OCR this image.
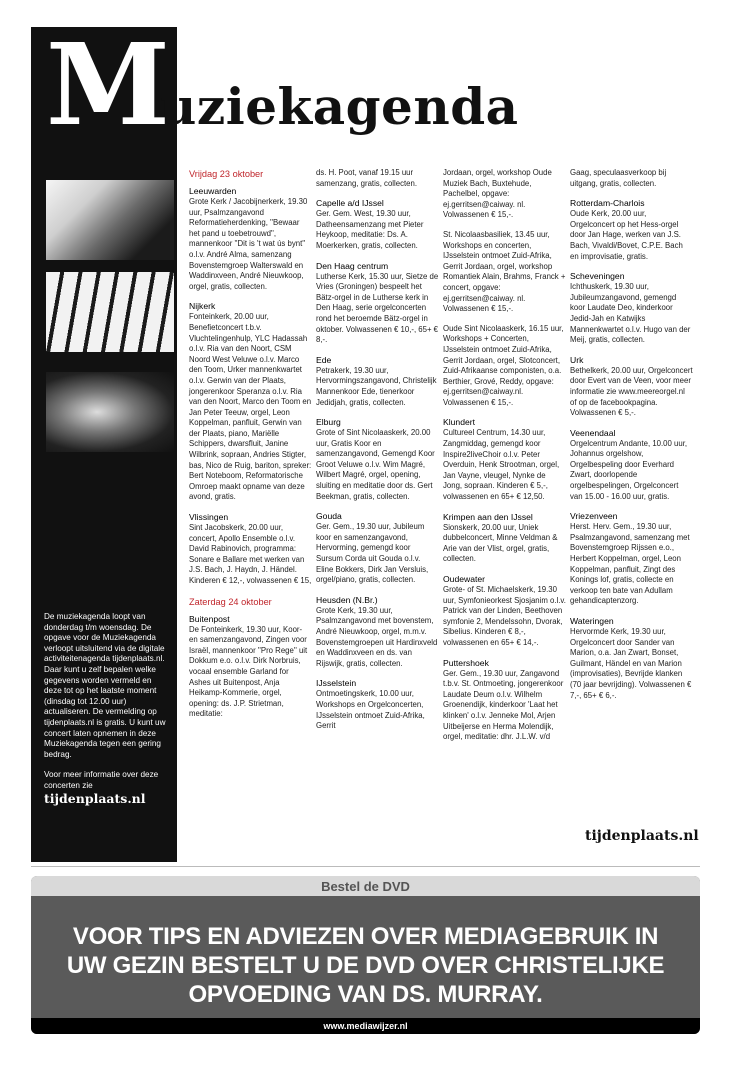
M
uziekagenda

De muziekagenda loopt van donderdag t/m woensdag. De opgave voor de Muziekagenda verloopt uitsluitend via de digitale activiteitenagenda tijdenplaats.nl. Daar kunt u zelf bepalen welke gegevens worden vermeld en deze tot op het laatste moment (dinsdag tot 12.00 uur) actualiseren. De vermelding op tijdenplaats.nl is gratis. U kunt uw concert laten opnemen in deze Muziekagenda tegen een gering bedrag.

Voor meer informatie over deze concerten zie

tijdenplaats.nl
Vrijdag 23 oktober
Leeuwarden

Grote Kerk / Jacobijnerkerk, 19.30 uur, Psalmzangavond Reformatieherdenking, ''Bewaar het pand u toebetrouwd'', mannenkoor ''Dit is 't wat ús bynt'' o.l.v. André Alma, samenzang Bovenstemgroep Walterswald en Waddinxveen, André Nieuwkoop, orgel, gratis, collecten.

Nijkerk

Fonteinkerk, 20.00 uur, Benefietconcert t.b.v. Vluchtelingenhulp, YLC Hadassah o.l.v. Ria van den Noort, CSM Noord West Veluwe o.l.v. Marco den Toom, Urker mannenkwartet o.l.v. Gerwin van der Plaats, jongerenkoor Speranza o.l.v. Ria van den Noort, Marco den Toom en Jan Peter Teeuw, orgel, Leon Koppelman, panfluit, Gerwin van der Plaats, piano, Mariëlle Schippers, dwarsfluit, Janine Wilbrink, sopraan, Andries Stigter, bas, Nico de Ruig, bariton, spreker: Bert Noteboom, Reformatorische Omroep maakt opname van deze avond, gratis.

Vlissingen

Sint Jacobskerk, 20.00 uur, concert, Apollo Ensemble o.l.v. David Rabinovich, programma: Sonare e Ballare met werken van J.S. Bach, J. Haydn, J. Händel. Kinderen € 12,-, volwassenen € 15,

Zaterdag 24 oktober
Buitenpost

De Fonteinkerk, 19.30 uur, Koor- en samenzangavond, Zingen voor Israël, mannenkoor ''Pro Rege'' uit Dokkum e.o. o.l.v. Dirk Norbruis, vocaal ensemble Garland for Ashes uit Buitenpost, Anja Heikamp-Kommerie, orgel, opening: ds. J.P. Strietman, meditatie:

ds. H. Poot, vanaf 19.15 uur samenzang, gratis, collecten.

Capelle a/d IJssel

Ger. Gem. West, 19.30 uur, Datheensamenzang met Pieter Heykoop, meditatie: Ds. A. Moerkerken, gratis, collecten.

Den Haag centrum

Lutherse Kerk, 15.30 uur, Sietze de Vries (Groningen) bespeelt het Bätz-orgel in de Lutherse kerk in Den Haag, serie orgelconcerten rond het beroemde Bätz-orgel in oktober. Volwassenen € 10,-, 65+ € 8,-.

Ede

Petrakerk, 19.30 uur, Hervormingszangavond, Christelijk Mannenkoor Ede, tienerkoor Jedidjah, gratis, collecten.

Elburg

Grote of Sint Nicolaaskerk, 20.00 uur, Gratis Koor en samenzangavond, Gemengd Koor Groot Veluwe o.l.v. Wim Magré, Wilbert Magré, orgel, opening, sluiting en meditatie door ds. Gert Beekman, gratis, collecten.

Gouda

Ger. Gem., 19.30 uur, Jubileum koor en samenzangavond, Hervorming, gemengd koor Sursum Corda uit Gouda o.l.v. Eline Bokkers, Dirk Jan Versluis, orgel/piano, gratis, collecten.

Heusden (N.Br.)

Grote Kerk, 19.30 uur, Psalmzangavond met bovenstem, André Nieuwkoop, orgel, m.m.v. Bovenstemgroepen uit Hardinxveld en Waddinxveen en ds. van Rijswijk, gratis, collecten.

IJsselstein

Ontmoetingskerk, 10.00 uur, Workshops en Orgelconcerten, IJsselstein ontmoet Zuid-Afrika, Gerrit

Jordaan, orgel, workshop Oude Muziek Bach, Buxtehude, Pachelbel, opgave: ej.gerritsen@caiway. nl. Volwassenen € 15,-.

St. Nicolaasbasiliek, 13.45 uur, Workshops en concerten, IJsselstein ontmoet Zuid-Afrika, Gerrit Jordaan, orgel, workshop Romantiek Alain, Brahms, Franck + concert, opgave: ej.gerritsen@caiway. nl. Volwassenen € 15,-.

Oude Sint Nicolaaskerk, 16.15 uur, Workshops + Concerten, IJsselstein ontmoet Zuid-Afrika, Gerrit Jordaan, orgel, Slotconcert, Zuid-Afrikaanse componisten, o.a. Berthier, Grové, Reddy, opgave: ej.gerritsen@caiway.nl. Volwassenen € 15,-.

Klundert

Cultureel Centrum, 14.30 uur, Zangmiddag, gemengd koor Inspire2liveChoir o.l.v. Peter Overduin, Henk Strootman, orgel, Jan Vayne, vleugel, Nynke de Jong, sopraan. Kinderen € 5,-, volwassenen en 65+ € 12,50.

Krimpen aan den IJssel

Sionskerk, 20.00 uur, Uniek dubbelconcert, Minne Veldman & Arie van der Vlist, orgel, gratis, collecten.

Oudewater

Grote- of St. Michaelskerk, 19.30 uur, Symfonieorkest Sjosjanim o.l.v. Patrick van der Linden, Beethoven symfonie 2, Mendelssohn, Dvorak, Sibelius. Kinderen € 8,-, volwassenen en 65+ € 14,-.

Puttershoek

Ger. Gem., 19.30 uur, Zangavond t.b.v. St. Ontmoeting, jongerenkoor Laudate Deum o.l.v. Wilhelm Groenendijk, kinderkoor 'Laat het klinken' o.l.v. Jenneke Mol, Arjen Uitbeijerse en Herma Molendijk, orgel, meditatie: dhr. J.L.W. v/d

Gaag, speculaasverkoop bij uitgang, gratis, collecten.

Rotterdam-Charlois

Oude Kerk, 20.00 uur, Orgelconcert op het Hess-orgel door Jan Hage, werken van J.S. Bach, Vivaldi/Bovet, C.P.E. Bach en improvisatie, gratis.

Scheveningen

Ichthuskerk, 19.30 uur, Jubileumzangavond, gemengd koor Laudate Deo, kinderkoor Jedid-Jah en Katwijks Mannenkwartet o.l.v. Hugo van der Meij, gratis, collecten.

Urk

Bethelkerk, 20.00 uur, Orgelconcert door Evert van de Veen, voor meer informatie zie www.meereorgel.nl of op de facebookpagina. Volwassenen € 5,-.

Veenendaal

Orgelcentrum Andante, 10.00 uur, Johannus orgelshow, Orgelbespeling door Everhard Zwart, doorlopende orgelbespelingen, Orgelconcert van 15.00 - 16.00 uur, gratis.

Vriezenveen

Herst. Herv. Gem., 19.30 uur, Psalmzangavond, samenzang met Bovenstemgroep Rijssen e.o., Herbert Koppelman, orgel, Leon Koppelman, panfluit, Zingt des Konings lof, gratis, collecte en verkoop ten bate van Adullam gehandicaptenzorg.

Wateringen

Hervormde Kerk, 19.30 uur, Orgelconcert door Sander van Marion, o.a. Jan Zwart, Bonset, Guilmant, Händel en van Marion (improvisaties), Bevrijde klanken (70 jaar bevrijding). Volwassenen € 7,-, 65+ € 6,-.

tijdenplaats.nl
Bestel de DVD
VOOR TIPS EN ADVIEZEN OVER MEDIAGEBRUIK IN
UW GEZIN BESTELT U DE DVD OVER CHRISTELIJKE
OPVOEDING VAN DS. MURRAY.
www.mediawijzer.nl
